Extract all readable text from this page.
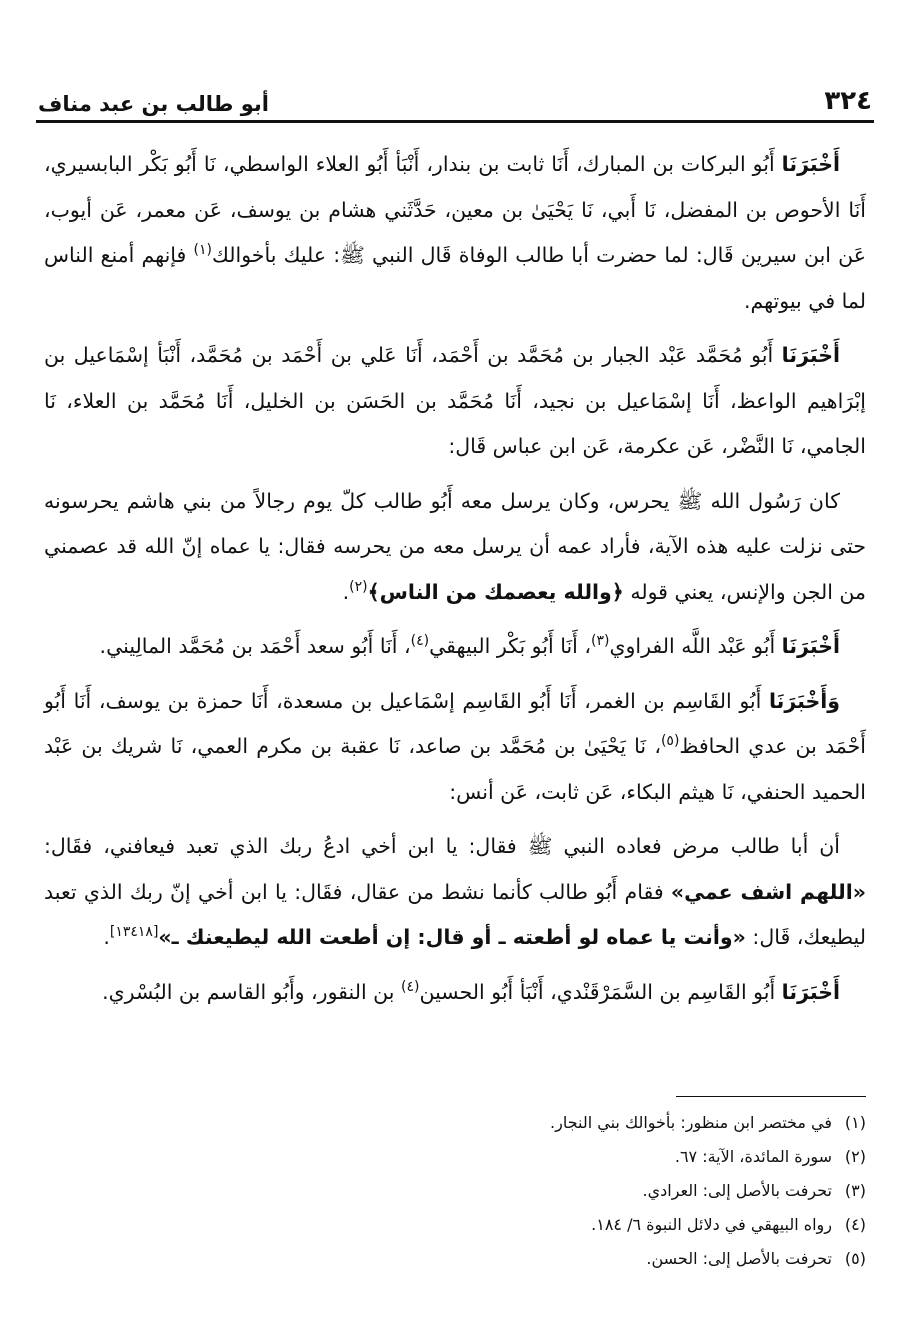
٣٢٤
أبو طالب بن عبد مناف

أَخْبَرَنَا أَبُو البركات بن المبارك، أَنَا ثابت بن بندار، أَنْبَأ أَبُو العلاء الواسطي، نَا أَبُو بَكْر البابسيري، أَنَا الأحوص بن المفضل، نَا أَبي، نَا يَحْيَىٰ بن معين، حَدَّثَني هشام بن يوسف، عَن معمر، عَن أيوب، عَن ابن سيرين قَال: لما حضرت أبا طالب الوفاة قَال النبي ﷺ: عليك بأخوالك$^{(١)}$ فإنهم أمنع الناس لما في بيوتهم.

أَخْبَرَنَا أَبُو مُحَمَّد عَبْد الجبار بن مُحَمَّد بن أَحْمَد، أَنَا عَلي بن أَحْمَد بن مُحَمَّد، أَنْبَأ إسْمَاعيل بن إبْرَاهيم الواعظ، أَنَا إسْمَاعيل بن نجيد، أَنَا مُحَمَّد بن الحَسَن بن الخليل، أَنَا مُحَمَّد بن العلاء، نَا الجامي، نَا النَّضْر، عَن عكرمة، عَن ابن عباس قَال:

كان رَسُول الله ﷺ يحرس، وكان يرسل معه أَبُو طالب كلّ يوم رجالاً من بني هاشم يحرسونه حتى نزلت عليه هذه الآية، فأراد عمه أن يرسل معه من يحرسه فقال: يا عماه إنّ الله قد عصمني من الجن والإنس، يعني قوله ﴿والله يعصمك من الناس﴾$^{(٢)}$.

أَخْبَرَنَا أَبُو عَبْد اللَّه الفراوي$^{(٣)}$، أَنَا أَبُو بَكْر البيهقي$^{(٤)}$، أَنَا أَبُو سعد أَحْمَد بن مُحَمَّد المالِيني.

وَأَخْبَرَنَا أَبُو القَاسِم بن الغمر، أَنَا أَبُو القَاسِم إسْمَاعيل بن مسعدة، أَنَا حمزة بن يوسف، أَنَا أَبُو أَحْمَد بن عدي الحافظ$^{(٥)}$، نَا يَحْيَىٰ بن مُحَمَّد بن صاعد، نَا عقبة بن مكرم العمي، نَا شريك بن عَبْد الحميد الحنفي، نَا هيثم البكاء، عَن ثابت، عَن أنس:

أن أبا طالب مرض فعاده النبي ﷺ فقال: يا ابن أخي ادعُ ربك الذي تعبد فيعافني، فقَال: «اللهم اشف عمي» فقام أَبُو طالب كأنما نشط من عقال، فقَال: يا ابن أخي إنّ ربك الذي تعبد ليطيعك، قَال: «وأنت يا عماه لو أطعته ـ أو قال: إن أطعت الله ليطيعنك ـ»[١٣٤١٨].

أَخْبَرَنَا أَبُو القَاسِم بن السَّمَرْقَنْدي، أَنْبَأ أَبُو الحسين$^{(٤)}$ بن النقور، وأَبُو القاسم بن البُسْري.

(١)
في مختصر ابن منظور: بأخوالك بني النجار.
(٢)
سورة المائدة، الآية: ٦٧.
(٣)
تحرفت بالأصل إلى: العرادي.
(٤)
رواه البيهقي في دلائل النبوة ٦/ ١٨٤.
(٥)
تحرفت بالأصل إلى: الحسن.
